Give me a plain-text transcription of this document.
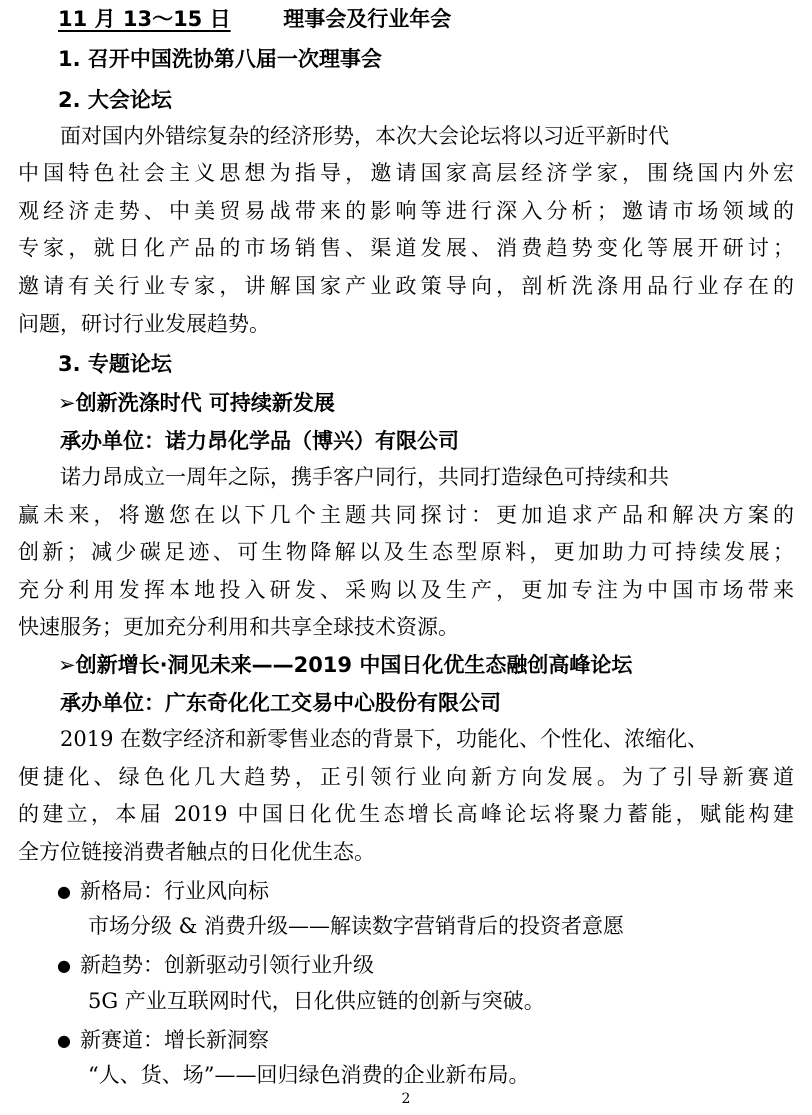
11 月 13～15 日	理事会及行业年会
1. 召开中国洗协第八届一次理事会
2. 大会论坛
面对国内外错综复杂的经济形势，本次大会论坛将以习近平新时代
中国特色社会主义思想为指导，邀请国家高层经济学家，围绕国内外宏
观经济走势、中美贸易战带来的影响等进行深入分析；邀请市场领域的
专家，就日化产品的市场销售、渠道发展、消费趋势变化等展开研讨；
邀请有关行业专家，讲解国家产业政策导向，剖析洗涤用品行业存在的
问题，研讨行业发展趋势。
3. 专题论坛
➢创新洗涤时代 可持续新发展
承办单位：诺力昂化学品（博兴）有限公司
诺力昂成立一周年之际，携手客户同行，共同打造绿色可持续和共
赢未来，将邀您在以下几个主题共同探讨：更加追求产品和解决方案的
创新；减少碳足迹、可生物降解以及生态型原料，更加助力可持续发展；
充分利用发挥本地投入研发、采购以及生产，更加专注为中国市场带来
快速服务；更加充分利用和共享全球技术资源。
➢创新增长·洞见未来——2019 中国日化优生态融创高峰论坛
承办单位：广东奇化化工交易中心股份有限公司
2019 在数字经济和新零售业态的背景下，功能化、个性化、浓缩化、
便捷化、绿色化几大趋势，正引领行业向新方向发展。为了引导新赛道
的建立，本届 2019 中国日化优生态增长高峰论坛将聚力蓄能，赋能构建
全方位链接消费者触点的日化优生态。
● 新格局：行业风向标
市场分级 & 消费升级——解读数字营销背后的投资者意愿
● 新趋势：创新驱动引领行业升级
5G 产业互联网时代，日化供应链的创新与突破。
● 新赛道：增长新洞察
“人、货、场”——回归绿色消费的企业新布局。
2
